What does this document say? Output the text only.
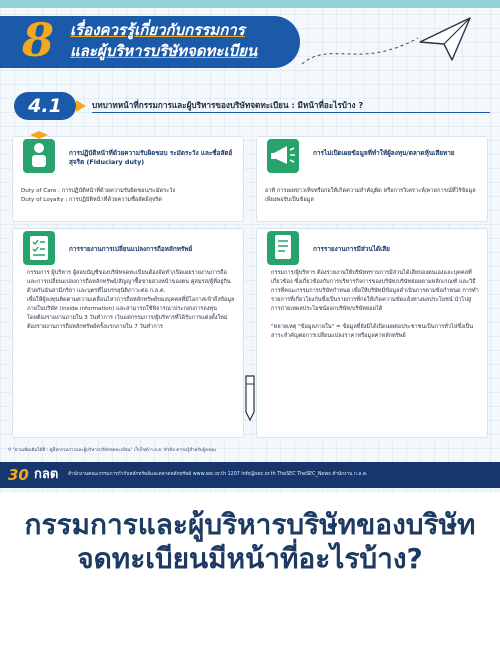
8	เรื่องควรรู้เกี่ยวกับกรรมการ
และผู้บริหารบริษัทจดทะเบียน
4.1	บทบาทหน้าที่กรรมการและผู้บริหารของบริษัทจดทะเบียน : มีหน้าที่อะไรบ้าง ?
การปฏิบัติหน้าที่ด้วยความรับผิดชอบ ระมัดระวัง และซื่อสัตย์สุจริต (Fiduciary duty)
Duty of Care : การปฏิบัติหน้าที่ด้วยความรับผิดชอบ/ระมัดระวัง
Duty of Loyalty : การปฏิบัติหน้าที่ด้วยความซื่อสัตย์สุจริต
การไม่เปิดเผยข้อมูลที่ทำให้ผู้ลงทุน/ตลาดหุ้นเสียหาย
อาทิ การเผยข่าวเท็จหรือก่อให้เกิดความสำคัญผิด หรือการวิเคราะห์/คาดการณ์ที่ไร้ข้อมูลเพียงพอรับเป็นข้อมูล
การรายงานการเปลี่ยนแปลงการถือหลักทรัพย์
กรรมการ ผู้บริหาร ผู้สอบบัญชีของบริษัทจดทะเบียนต้องจัดทำ/เปิดเผยรายงานการถือและการเปลี่ยนแปลงการถือหลักทรัพย์/สัญญาซื้อขายล่วงหน้าของตน คู่สมรส/ผู้ที่อยู่กินด้วยกันฉันสามีภริยา และบุตรที่ไม่บรรลุนิติภาวะต่อ ก.ล.ต.
เพื่อให้ผู้ลงทุนติดตามความเคลื่อนไหวการถือหลักทรัพย์ของบุคคลที่มีโอกาสเข้าถึงข้อมูลภายในบริษัท (inside information) และสามารถใช้พิจารณาประกอบการลงทุน
โดยต้องรายงานภายใน 3 วันทำการ เว้นแต่กรรมการ/ผู้บริหารที่ได้รับการแต่งตั้งใหม่ ต้องรายงานการถือหลักทรัพย์ครั้งแรกภายใน 7 วันทำการ
การรายงานการมีส่วนได้เสีย
กรรมการ/ผู้บริหาร ต้องรายงานให้บริษัททราบการมีส่วนได้เสียของตนเองและบุคคลที่เกี่ยวข้อง ซึ่งเกี่ยวข้องกับการบริหารกิจการของบริษัท/บริษัทย่อยตามหลักเกณฑ์ และวิธีการที่คณะกรรมการบริษัทกำหนด เพื่อให้บริษัทมีข้อมูลดำเนินการตามข้อกำหนด การทำรายการที่เกี่ยวโยงกันซึ่งเป็นรายการที่ก่อให้เกิดความขัดแย้งทางผลประโยชน์ นำไปสู่การถ่ายเทผลประโยชน์ออกบริษัท/บริษัทย่อยได้

"หลายเหตุ "ข้อมูลภายใน" = ข้อมูลที่ยังมิได้เปิดเผยต่อประชาชนเป็นการทั่วไปซึ่งเป็นสาระสำคัญต่อการเปลี่ยนแปลงราคาหรือมูลค่าหลักทรัพย์
⚲ "อ่านเพิ่มเติมได้ที่ : คู่มือกรรมการและผู้บริหารบริษัทจดทะเบียน" เว็บไซต์ ก.ล.ต. หัวข้อ ความรู้สำหรับผู้ลงทุน
30 กลต สำนักงานคณะกรรมการกำกับหลักทรัพย์และตลาดหลักทรัพย์ www.sec.or.th 1207 info@sec.or.th TheSEC TheSEC_News สำนักงาน ก.ล.ต.
กรรมการและผู้บริหารบริษัทของบริษัทจดทะเบียนมีหน้าที่อะไรบ้าง?
